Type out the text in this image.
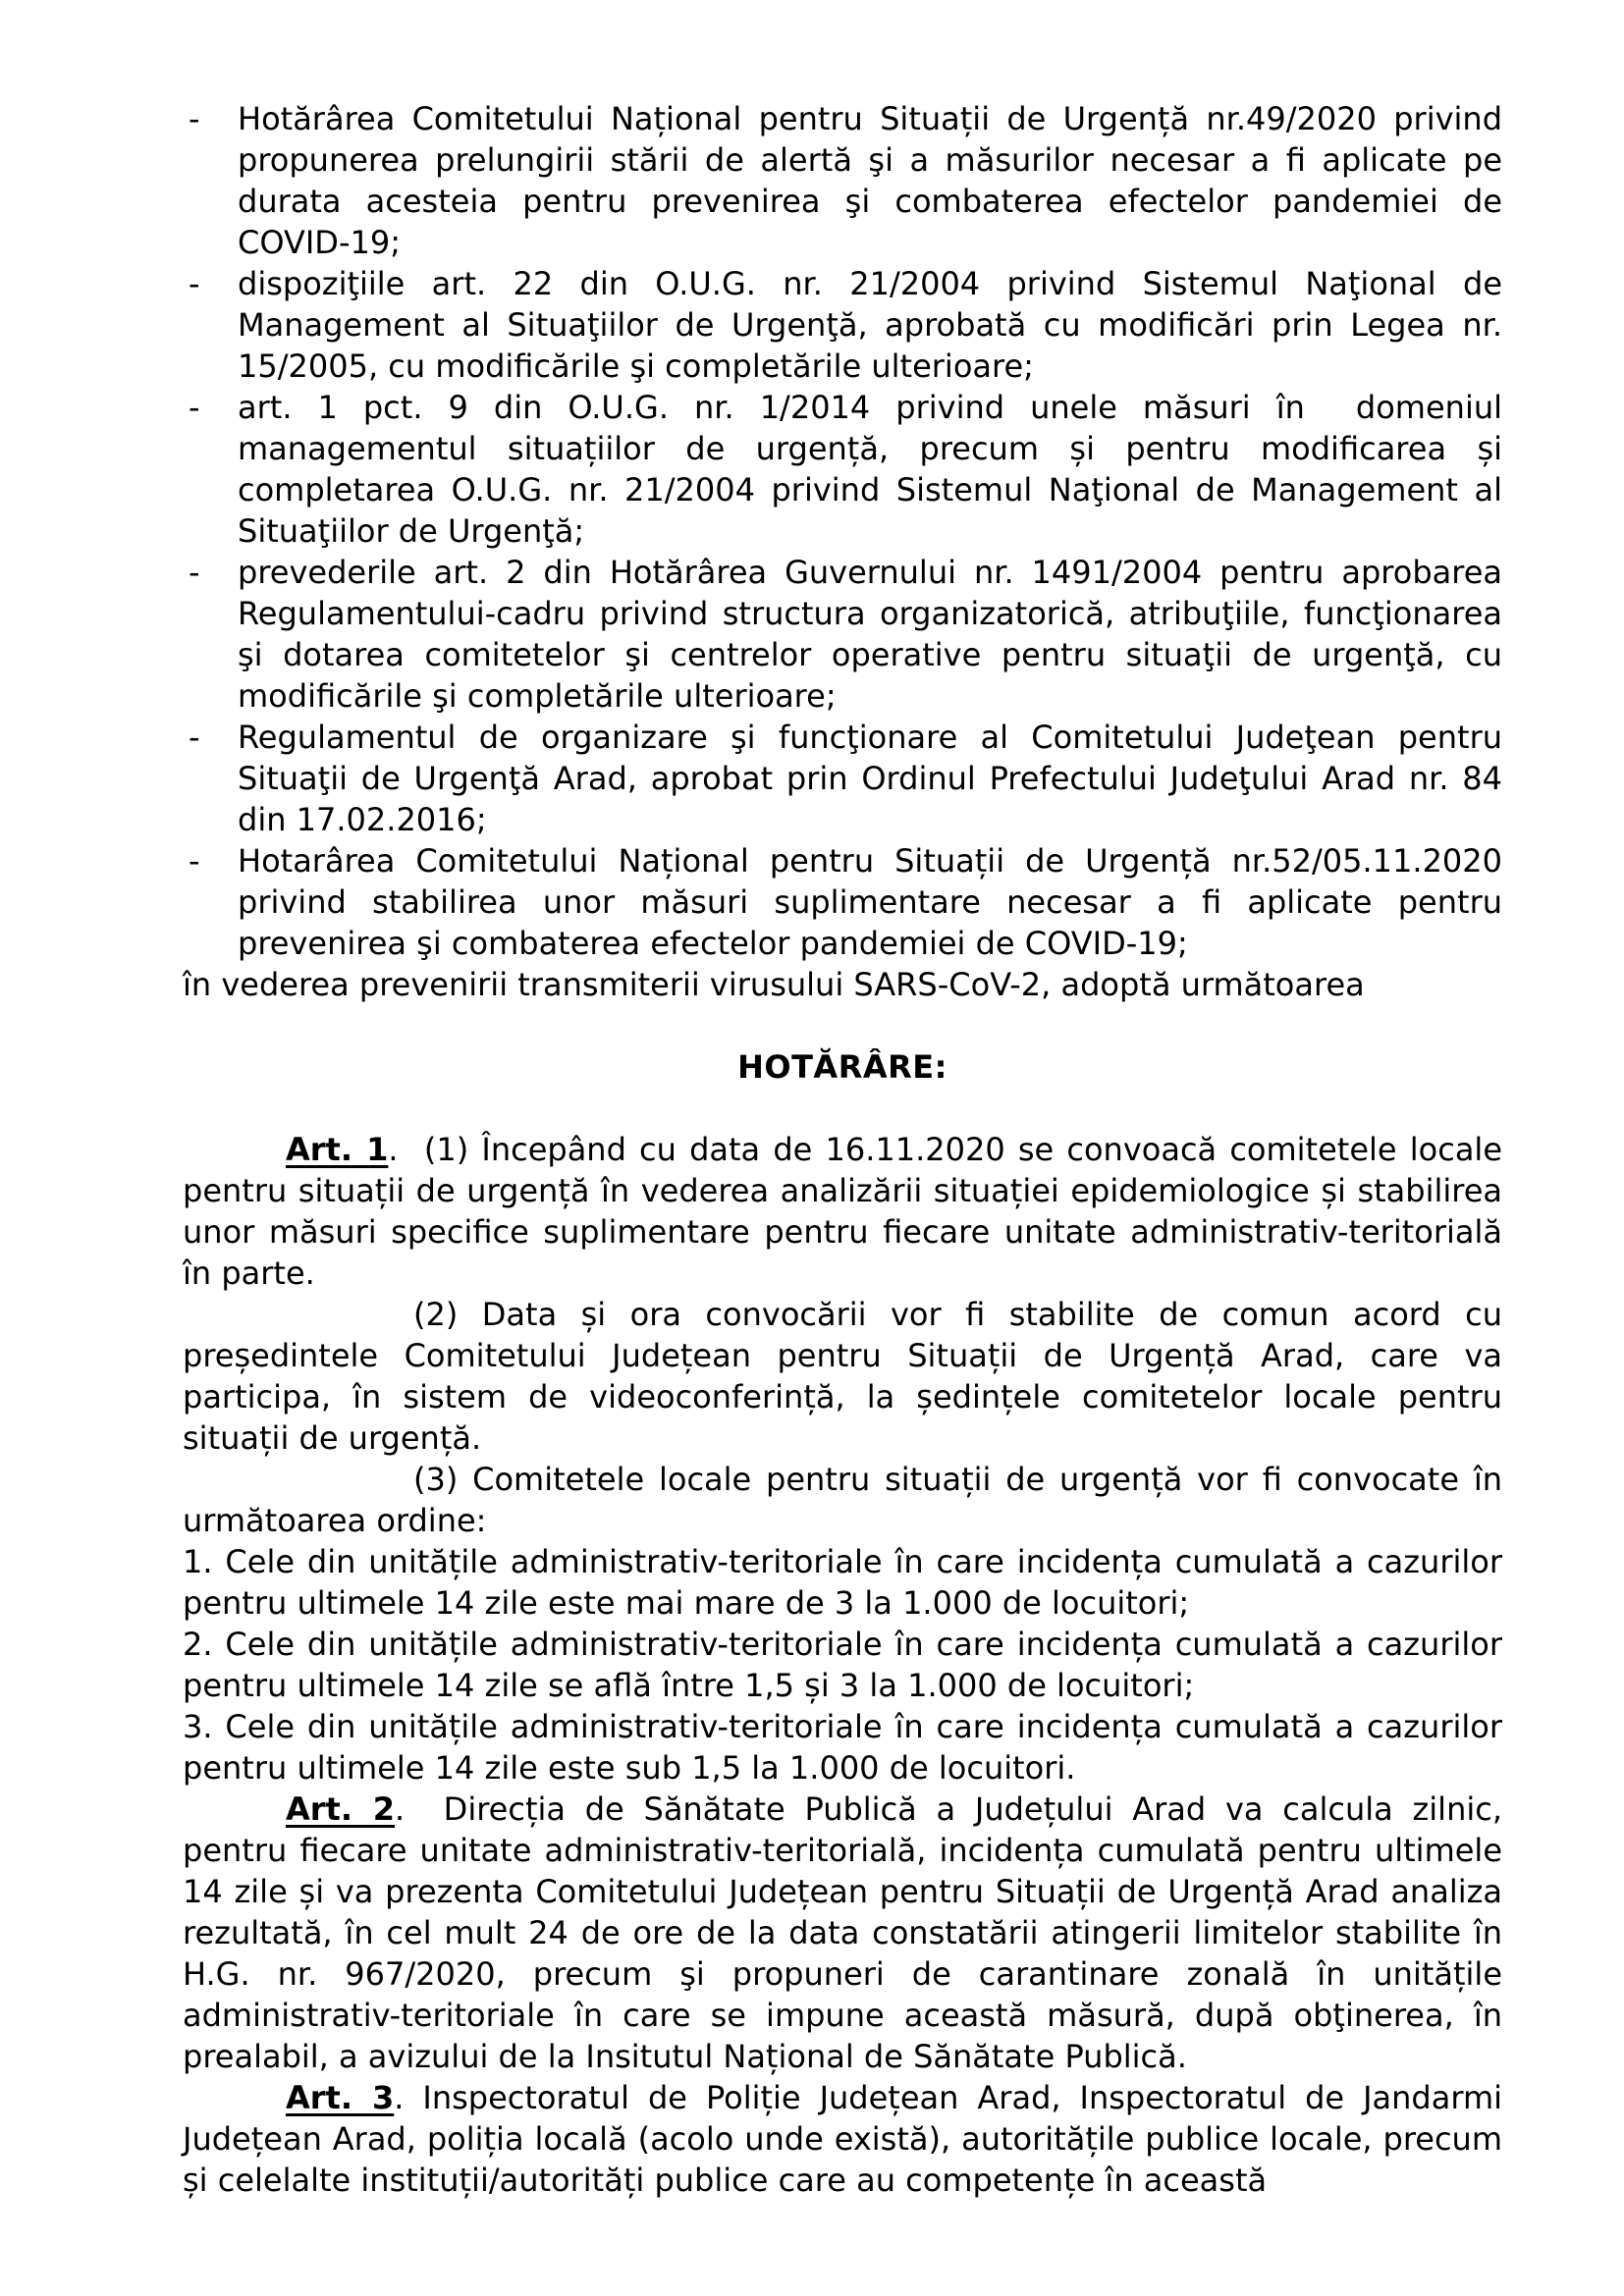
- Hotărârea Comitetului Național pentru Situații de Urgență nr.49/2020 privind propunerea prelungirii stării de alertă şi a măsurilor necesar a fi aplicate pe durata acesteia pentru prevenirea şi combaterea efectelor pandemiei de COVID-19;
- dispoziţiile art. 22 din O.U.G. nr. 21/2004 privind Sistemul Naţional de Management al Situaţiilor de Urgenţă, aprobată cu modificări prin Legea nr. 15/2005, cu modificările şi completările ulterioare;
- art. 1 pct. 9 din O.U.G. nr. 1/2014 privind unele măsuri în  domeniul managementul situațiilor de urgență, precum și pentru modificarea și completarea O.U.G. nr. 21/2004 privind Sistemul Naţional de Management al Situaţiilor de Urgenţă;
- prevederile art. 2 din Hotărârea Guvernului nr. 1491/2004 pentru aprobarea Regulamentului-cadru privind structura organizatorică, atribuţiile, funcţionarea şi dotarea comitetelor şi centrelor operative pentru situaţii de urgenţă, cu modificările şi completările ulterioare;
- Regulamentul de organizare şi funcţionare al Comitetului Judeţean pentru Situaţii de Urgenţă Arad, aprobat prin Ordinul Prefectului Judeţului Arad nr. 84 din 17.02.2016;
- Hotarârea Comitetului Național pentru Situații de Urgență nr.52/05.11.2020 privind stabilirea unor măsuri suplimentare necesar a fi aplicate pentru prevenirea şi combaterea efectelor pandemiei de COVID-19;

în vederea prevenirii transmiterii virusului SARS-CoV-2, adoptă următoarea

HOTĂRÂRE:

Art. 1.  (1) Începând cu data de 16.11.2020 se convoacă comitetele locale pentru situații de urgență în vederea analizării situației epidemiologice și stabilirea unor măsuri specifice suplimentare pentru fiecare unitate administrativ-teritorială în parte.

(2) Data și ora convocării vor fi stabilite de comun acord cu președintele Comitetului Județean pentru Situații de Urgență Arad, care va participa, în sistem de videoconferință, la ședințele comitetelor locale pentru situații de urgență.

(3) Comitetele locale pentru situații de urgență vor fi convocate în următoarea ordine:

1. Cele din unitățile administrativ-teritoriale în care incidența cumulată a cazurilor pentru ultimele 14 zile este mai mare de 3 la 1.000 de locuitori;

2. Cele din unitățile administrativ-teritoriale în care incidența cumulată a cazurilor pentru ultimele 14 zile se află între 1,5 și 3 la 1.000 de locuitori;

3. Cele din unitățile administrativ-teritoriale în care incidența cumulată a cazurilor pentru ultimele 14 zile este sub 1,5 la 1.000 de locuitori.

Art. 2.  Direcția de Sănătate Publică a Județului Arad va calcula zilnic, pentru fiecare unitate administrativ-teritorială, incidența cumulată pentru ultimele 14 zile și va prezenta Comitetului Județean pentru Situații de Urgență Arad analiza rezultată, în cel mult 24 de ore de la data constatării atingerii limitelor stabilite în H.G. nr. 967/2020, precum şi propuneri de carantinare zonală în unitățile administrativ-teritoriale în care se impune această măsură, după obţinerea, în prealabil, a avizului de la Insitutul Național de Sănătate Publică.

Art. 3. Inspectoratul de Poliție Județean Arad, Inspectoratul de Jandarmi Județean Arad, poliția locală (acolo unde există), autoritățile publice locale, precum și celelalte instituții/autorități publice care au competențe în această
